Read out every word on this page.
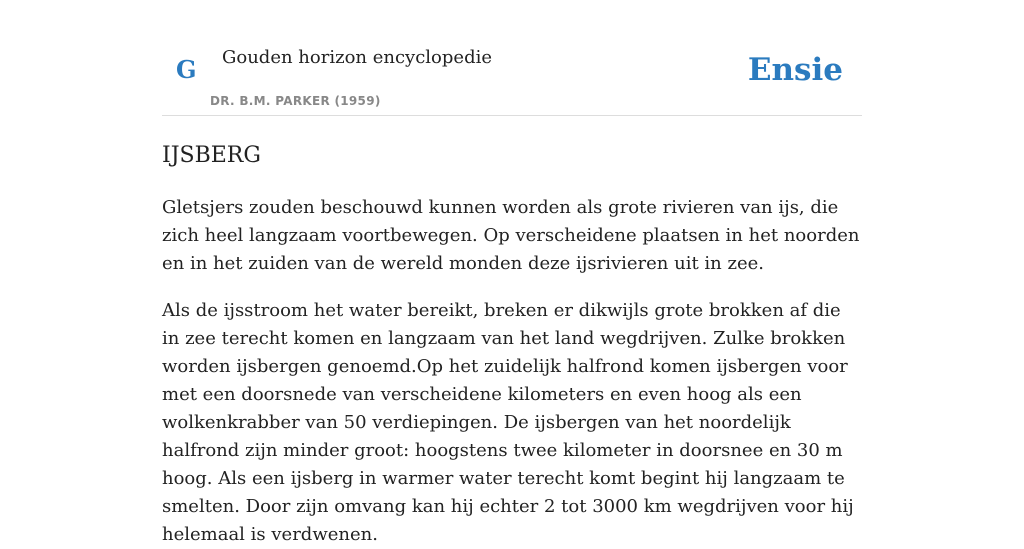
G Gouden horizon encyclopedie
DR. B.M. PARKER (1959)
Ensie
IJSBERG

Gletsjers zouden beschouwd kunnen worden als grote rivieren van ijs, die zich heel langzaam voortbewegen. Op verscheidene plaatsen in het noorden en in het zuiden van de wereld monden deze ijsrivieren uit in zee.

Als de ijsstroom het water bereikt, breken er dikwijls grote brokken af die in zee terecht komen en langzaam van het land wegdrijven. Zulke brokken worden ijsbergen genoemd.Op het zuidelijk halfrond komen ijsbergen voor met een doorsnede van verscheidene kilometers en even hoog als een wolkenkrabber van 50 verdiepingen. De ijsbergen van het noordelijk halfrond zijn minder groot: hoogstens twee kilometer in doorsnee en 30 m hoog. Als een ijsberg in warmer water terecht komt begint hij langzaam te smelten. Door zijn omvang kan hij echter 2 tot 3000 km wegdrijven voor hij helemaal is verdwenen.
